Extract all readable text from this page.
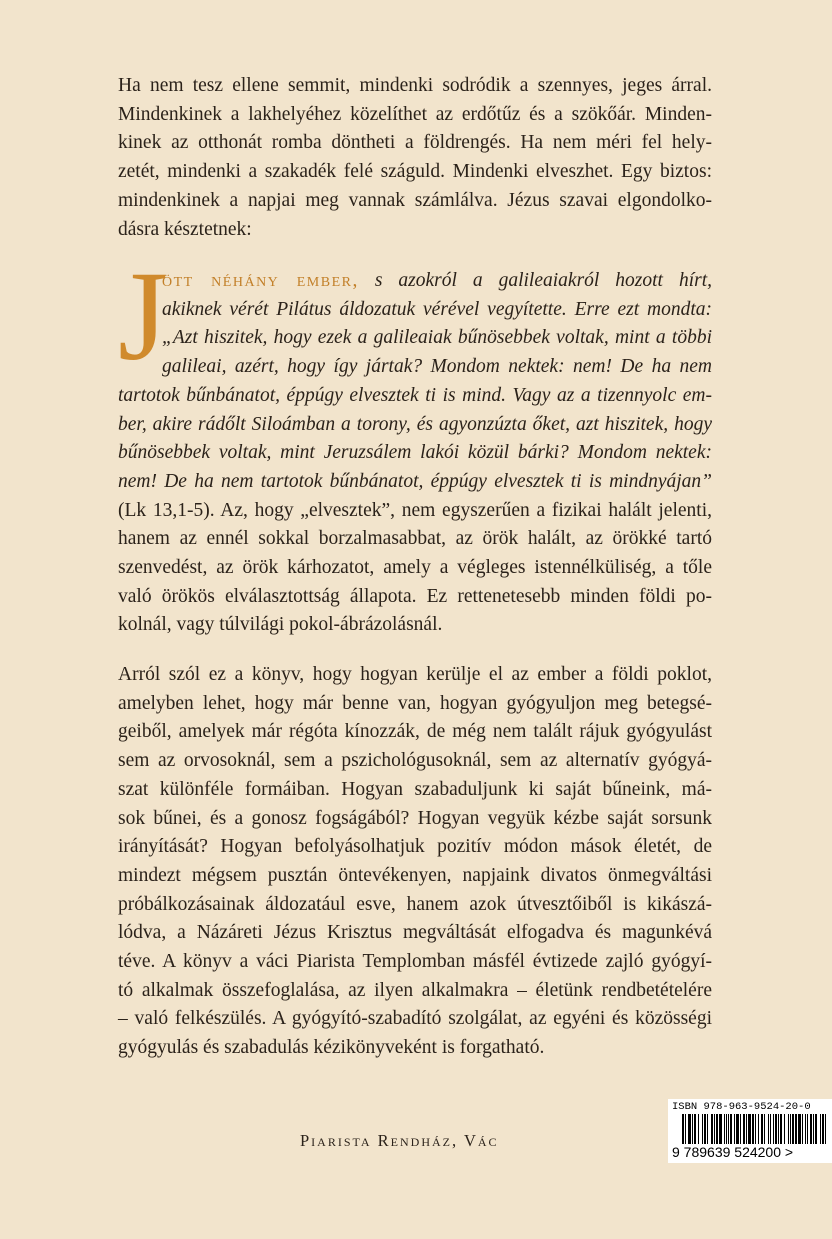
Ha nem tesz ellene semmit, mindenki sodródik a szennyes, jeges árral.
Mindenkinek a lakhelyéhez közelíthet az erdőtűz és a szökőár. Minden-
kinek az otthonát romba döntheti a földrengés. Ha nem méri fel hely-
zetét, mindenki a szakadék felé száguld. Mindenki elveszhet. Egy biztos:
mindenkinek a napjai meg vannak számlálva. Jézus szavai elgondolko-
dásra késztetnek:

J

ött néhány ember, s azokról a galileaiakról hozott hírt,
akiknek vérét Pilátus áldozatuk vérével vegyítette. Erre ezt mondta:
„Azt hiszitek, hogy ezek a galileaiak bűnösebbek voltak, mint a többi
galileai, azért, hogy így jártak? Mondom nektek: nem! De ha nem
tartotok bűnbánatot, éppúgy elvesztek ti is mind. Vagy az a tizennyolc em-
ber, akire rádőlt Siloámban a torony, és agyonzúzta őket, azt hiszitek, hogy
bűnösebbek voltak, mint Jeruzsálem lakói közül bárki? Mondom nektek:
nem! De ha nem tartotok bűnbánatot, éppúgy elvesztek ti is mindnyájan”
(Lk 13,1-5). Az, hogy „elvesztek”, nem egyszerűen a fizikai halált jelenti,
hanem az ennél sokkal borzalmasabbat, az örök halált, az örökké tartó
szenvedést, az örök kárhozatot, amely a végleges istennélküliség, a tőle
való örökös elválasztottság állapota. Ez rettenetesebb minden földi po-
kolnál, vagy túlvilági pokol-ábrázolásnál.

Arról szól ez a könyv, hogy hogyan kerülje el az ember a földi poklot,
amelyben lehet, hogy már benne van, hogyan gyógyuljon meg betegsé-
geiből, amelyek már régóta kínozzák, de még nem talált rájuk gyógyulást
sem az orvosoknál, sem a pszichológusoknál, sem az alternatív gyógyá-
szat különféle formáiban. Hogyan szabaduljunk ki saját bűneink, má-
sok bűnei, és a gonosz fogságából? Hogyan vegyük kézbe saját sorsunk
irányítását? Hogyan befolyásolhatjuk pozitív módon mások életét, de
mindezt mégsem pusztán öntevékenyen, napjaink divatos önmegváltási
próbálkozásainak áldozatául esve, hanem azok útvesztőiből is kikászá-
lódva, a Názáreti Jézus Krisztus megváltását elfogadva és magunkévá
téve. A könyv a váci Piarista Templomban másfél évtizede zajló gyógyí-
tó alkalmak összefoglalása, az ilyen alkalmakra – életünk rendbetételére
– való felkészülés. A gyógyító-szabadító szolgálat, az egyéni és közösségi
gyógyulás és szabadulás kézikönyveként is forgatható.

Piarista Rendház, Vác
ISBN 978-963-9524-20-0
9 789639 524200 >
